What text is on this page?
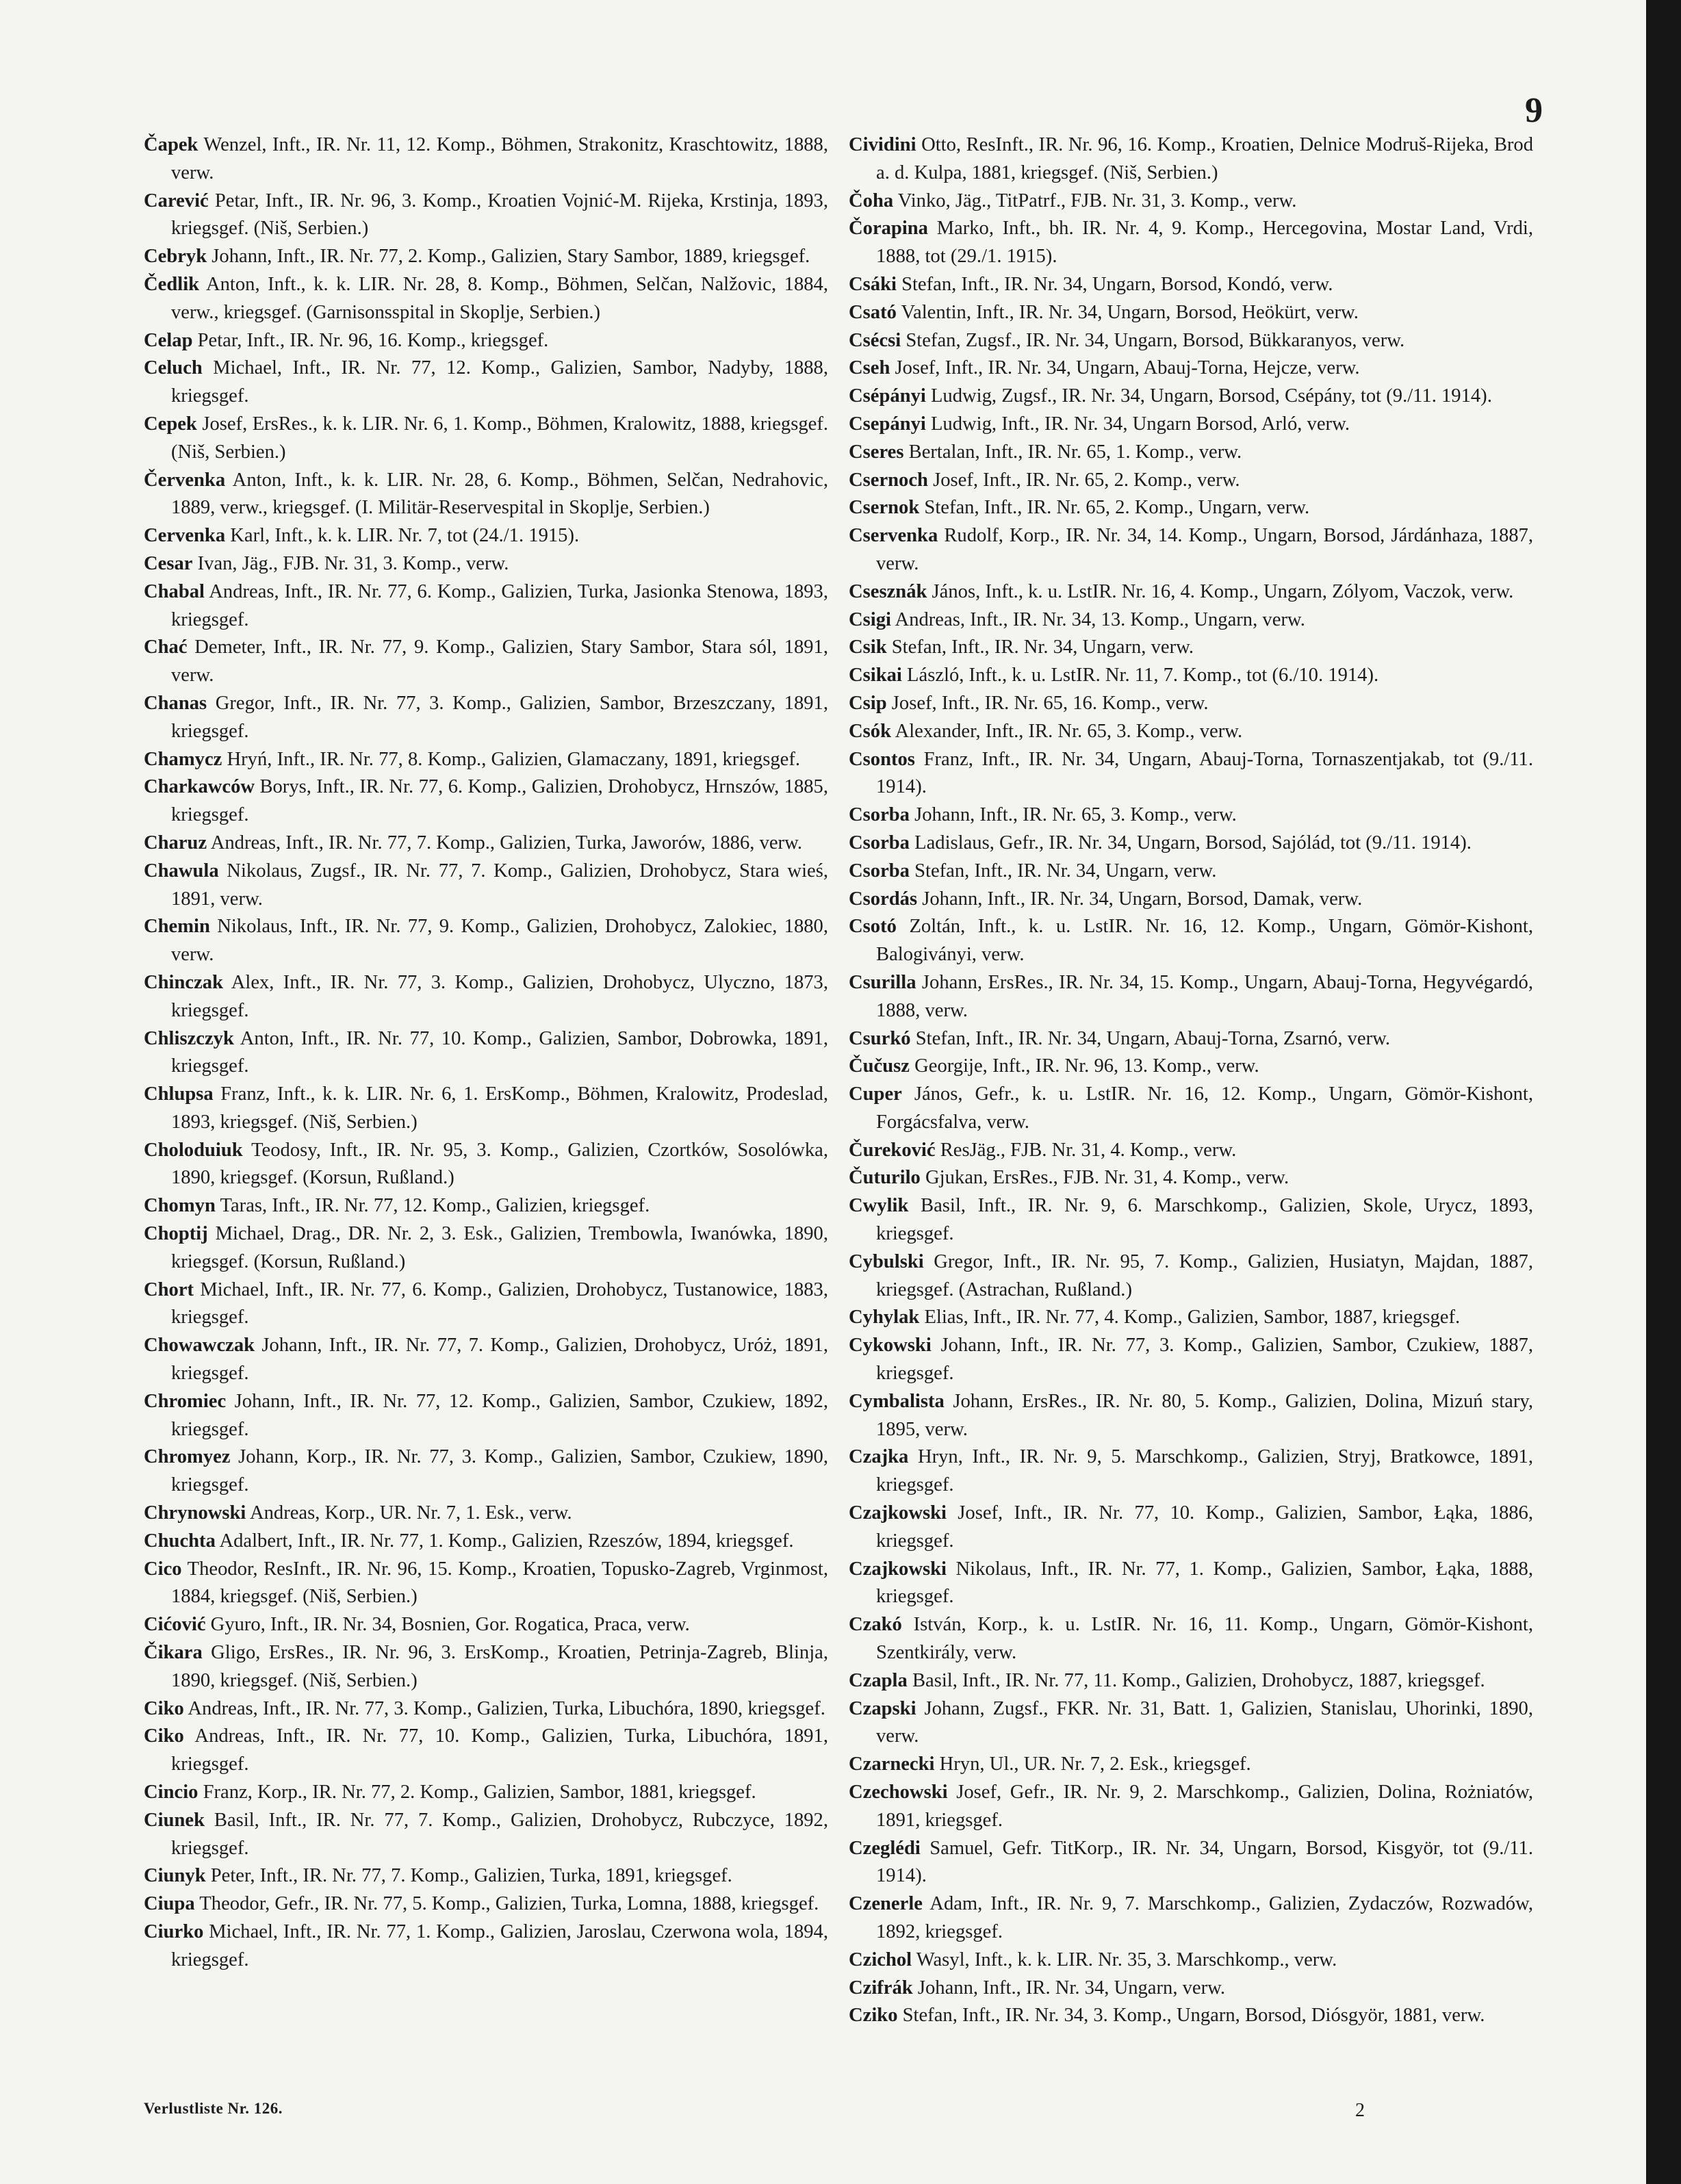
9
Čapek Wenzel, Inft., IR. Nr. 11, 12. Komp., Böhmen, Strakonitz, Kraschtowitz, 1888, verw.
Carević Petar, Inft., IR. Nr. 96, 3. Komp., Kroatien Vojnić-M. Rijeka, Krstinja, 1893, kriegsgef. (Niš, Serbien.)
Cebryk Johann, Inft., IR. Nr. 77, 2. Komp., Galizien, Stary Sambor, 1889, kriegsgef.
Čedlik Anton, Inft., k. k. LIR. Nr. 28, 8. Komp., Böhmen, Selčan, Nalžovic, 1884, verw., kriegsgef. (Garnisonsspital in Skoplje, Serbien.)
Celap Petar, Inft., IR. Nr. 96, 16. Komp., kriegsgef.
Celuch Michael, Inft., IR. Nr. 77, 12. Komp., Galizien, Sambor, Nadyby, 1888, kriegsgef.
Cepek Josef, ErsRes., k. k. LIR. Nr. 6, 1. Komp., Böhmen, Kralowitz, 1888, kriegsgef. (Niš, Serbien.)
Červenka Anton, Inft., k. k. LIR. Nr. 28, 6. Komp., Böhmen, Selčan, Nedrahovic, 1889, verw., kriegsgef. (I. Militär-Reservespital in Skoplje, Serbien.)
Cervenka Karl, Inft., k. k. LIR. Nr. 7, tot (24./1. 1915).
Cesar Ivan, Jäg., FJB. Nr. 31, 3. Komp., verw.
Chabal Andreas, Inft., IR. Nr. 77, 6. Komp., Galizien, Turka, Jasionka Stenowa, 1893, kriegsgef.
Chać Demeter, Inft., IR. Nr. 77, 9. Komp., Galizien, Stary Sambor, Stara sól, 1891, verw.
Chanas Gregor, Inft., IR. Nr. 77, 3. Komp., Galizien, Sambor, Brzeszczany, 1891, kriegsgef.
Chamycz Hryń, Inft., IR. Nr. 77, 8. Komp., Galizien, Glamaczany, 1891, kriegsgef.
Charkawców Borys, Inft., IR. Nr. 77, 6. Komp., Galizien, Drohobycz, Hrnszów, 1885, kriegsgef.
Charuz Andreas, Inft., IR. Nr. 77, 7. Komp., Galizien, Turka, Jaworów, 1886, verw.
Chawula Nikolaus, Zugsf., IR. Nr. 77, 7. Komp., Galizien, Drohobycz, Stara wieś, 1891, verw.
Chemin Nikolaus, Inft., IR. Nr. 77, 9. Komp., Galizien, Drohobycz, Zalokiec, 1880, verw.
Chinczak Alex, Inft., IR. Nr. 77, 3. Komp., Galizien, Drohobycz, Ulyczno, 1873, kriegsgef.
Chliszczyk Anton, Inft., IR. Nr. 77, 10. Komp., Galizien, Sambor, Dobrowka, 1891, kriegsgef.
Chlupsa Franz, Inft., k. k. LIR. Nr. 6, 1. ErsKomp., Böhmen, Kralowitz, Prodeslad, 1893, kriegsgef. (Niš, Serbien.)
Choloduiuk Teodosy, Inft., IR. Nr. 95, 3. Komp., Galizien, Czortków, Sosolówka, 1890, kriegsgef. (Korsun, Rußland.)
Chomyn Taras, Inft., IR. Nr. 77, 12. Komp., Galizien, kriegsgef.
Choptij Michael, Drag., DR. Nr. 2, 3. Esk., Galizien, Trembowla, Iwanówka, 1890, kriegsgef. (Korsun, Rußland.)
Chort Michael, Inft., IR. Nr. 77, 6. Komp., Galizien, Drohobycz, Tustanowice, 1883, kriegsgef.
Chowawczak Johann, Inft., IR. Nr. 77, 7. Komp., Galizien, Drohobycz, Uróż, 1891, kriegsgef.
Chromiec Johann, Inft., IR. Nr. 77, 12. Komp., Galizien, Sambor, Czukiew, 1892, kriegsgef.
Chromyez Johann, Korp., IR. Nr. 77, 3. Komp., Galizien, Sambor, Czukiew, 1890, kriegsgef.
Chrynowski Andreas, Korp., UR. Nr. 7, 1. Esk., verw.
Chuchta Adalbert, Inft., IR. Nr. 77, 1. Komp., Galizien, Rzeszów, 1894, kriegsgef.
Cico Theodor, ResInft., IR. Nr. 96, 15. Komp., Kroatien, Topusko-Zagreb, Vrginmost, 1884, kriegsgef. (Niš, Serbien.)
Cićović Gyuro, Inft., IR. Nr. 34, Bosnien, Gor. Rogatica, Praca, verw.
Čikara Gligo, ErsRes., IR. Nr. 96, 3. ErsKomp., Kroatien, Petrinja-Zagreb, Blinja, 1890, kriegsgef. (Niš, Serbien.)
Ciko Andreas, Inft., IR. Nr. 77, 3. Komp., Galizien, Turka, Libuchóra, 1890, kriegsgef.
Ciko Andreas, Inft., IR. Nr. 77, 10. Komp., Galizien, Turka, Libuchóra, 1891, kriegsgef.
Cincio Franz, Korp., IR. Nr. 77, 2. Komp., Galizien, Sambor, 1881, kriegsgef.
Ciunek Basil, Inft., IR. Nr. 77, 7. Komp., Galizien, Drohobycz, Rubczyce, 1892, kriegsgef.
Ciunyk Peter, Inft., IR. Nr. 77, 7. Komp., Galizien, Turka, 1891, kriegsgef.
Ciupa Theodor, Gefr., IR. Nr. 77, 5. Komp., Galizien, Turka, Lomna, 1888, kriegsgef.
Ciurko Michael, Inft., IR. Nr. 77, 1. Komp., Galizien, Jaroslau, Czerwona wola, 1894, kriegsgef.
Cividini Otto, ResInft., IR. Nr. 96, 16. Komp., Kroatien, Delnice Modruš-Rijeka, Brod a. d. Kulpa, 1881, kriegsgef. (Niš, Serbien.)
Čoha Vinko, Jäg., TitPatrf., FJB. Nr. 31, 3. Komp., verw.
Čorapina Marko, Inft., bh. IR. Nr. 4, 9. Komp., Hercegovina, Mostar Land, Vrdi, 1888, tot (29./1. 1915).
Csáki Stefan, Inft., IR. Nr. 34, Ungarn, Borsod, Kondó, verw.
Csató Valentin, Inft., IR. Nr. 34, Ungarn, Borsod, Heökürt, verw.
Csécsi Stefan, Zugsf., IR. Nr. 34, Ungarn, Borsod, Bükkaranyos, verw.
Cseh Josef, Inft., IR. Nr. 34, Ungarn, Abauj-Torna, Hejcze, verw.
Csépányi Ludwig, Zugsf., IR. Nr. 34, Ungarn, Borsod, Csépány, tot (9./11. 1914).
Csepányi Ludwig, Inft., IR. Nr. 34, Ungarn Borsod, Arló, verw.
Cseres Bertalan, Inft., IR. Nr. 65, 1. Komp., verw.
Csernoch Josef, Inft., IR. Nr. 65, 2. Komp., verw.
Csernok Stefan, Inft., IR. Nr. 65, 2. Komp., Ungarn, verw.
Cservenka Rudolf, Korp., IR. Nr. 34, 14. Komp., Ungarn, Borsod, Járdánhaza, 1887, verw.
Csesznák János, Inft., k. u. LstIR. Nr. 16, 4. Komp., Ungarn, Zólyom, Vaczok, verw.
Csigi Andreas, Inft., IR. Nr. 34, 13. Komp., Ungarn, verw.
Csik Stefan, Inft., IR. Nr. 34, Ungarn, verw.
Csikai László, Inft., k. u. LstIR. Nr. 11, 7. Komp., tot (6./10. 1914).
Csip Josef, Inft., IR. Nr. 65, 16. Komp., verw.
Csók Alexander, Inft., IR. Nr. 65, 3. Komp., verw.
Csontos Franz, Inft., IR. Nr. 34, Ungarn, Abauj-Torna, Tornaszentjakab, tot (9./11. 1914).
Csorba Johann, Inft., IR. Nr. 65, 3. Komp., verw.
Csorba Ladislaus, Gefr., IR. Nr. 34, Ungarn, Borsod, Sajólád, tot (9./11. 1914).
Csorba Stefan, Inft., IR. Nr. 34, Ungarn, verw.
Csordás Johann, Inft., IR. Nr. 34, Ungarn, Borsod, Damak, verw.
Csotó Zoltán, Inft., k. u. LstIR. Nr. 16, 12. Komp., Ungarn, Gömör-Kishont, Balogiványi, verw.
Csurilla Johann, ErsRes., IR. Nr. 34, 15. Komp., Ungarn, Abauj-Torna, Hegyvégardó, 1888, verw.
Csurkó Stefan, Inft., IR. Nr. 34, Ungarn, Abauj-Torna, Zsarnó, verw.
Čučusz Georgije, Inft., IR. Nr. 96, 13. Komp., verw.
Cuper János, Gefr., k. u. LstIR. Nr. 16, 12. Komp., Ungarn, Gömör-Kishont, Forgácsfalva, verw.
Čureković ResJäg., FJB. Nr. 31, 4. Komp., verw.
Čuturilo Gjukan, ErsRes., FJB. Nr. 31, 4. Komp., verw.
Cwylik Basil, Inft., IR. Nr. 9, 6. Marschkomp., Galizien, Skole, Urycz, 1893, kriegsgef.
Cybulski Gregor, Inft., IR. Nr. 95, 7. Komp., Galizien, Husiatyn, Majdan, 1887, kriegsgef. (Astrachan, Rußland.)
Cyhylak Elias, Inft., IR. Nr. 77, 4. Komp., Galizien, Sambor, 1887, kriegsgef.
Cykowski Johann, Inft., IR. Nr. 77, 3. Komp., Galizien, Sambor, Czukiew, 1887, kriegsgef.
Cymbalista Johann, ErsRes., IR. Nr. 80, 5. Komp., Galizien, Dolina, Mizuń stary, 1895, verw.
Czajka Hryn, Inft., IR. Nr. 9, 5. Marschkomp., Galizien, Stryj, Bratkowce, 1891, kriegsgef.
Czajkowski Josef, Inft., IR. Nr. 77, 10. Komp., Galizien, Sambor, Łąka, 1886, kriegsgef.
Czajkowski Nikolaus, Inft., IR. Nr. 77, 1. Komp., Galizien, Sambor, Łąka, 1888, kriegsgef.
Czakó István, Korp., k. u. LstIR. Nr. 16, 11. Komp., Ungarn, Gömör-Kishont, Szentkirály, verw.
Czapla Basil, Inft., IR. Nr. 77, 11. Komp., Galizien, Drohobycz, 1887, kriegsgef.
Czapski Johann, Zugsf., FKR. Nr. 31, Batt. 1, Galizien, Stanislau, Uhorinki, 1890, verw.
Czarnecki Hryn, Ul., UR. Nr. 7, 2. Esk., kriegsgef.
Czechowski Josef, Gefr., IR. Nr. 9, 2. Marschkomp., Galizien, Dolina, Rożniatów, 1891, kriegsgef.
Czeglédi Samuel, Gefr. TitKorp., IR. Nr. 34, Ungarn, Borsod, Kisgyör, tot (9./11. 1914).
Czenerle Adam, Inft., IR. Nr. 9, 7. Marschkomp., Galizien, Zydaczów, Rozwadów, 1892, kriegsgef.
Czichol Wasyl, Inft., k. k. LIR. Nr. 35, 3. Marschkomp., verw.
Czifrák Johann, Inft., IR. Nr. 34, Ungarn, verw.
Cziko Stefan, Inft., IR. Nr. 34, 3. Komp., Ungarn, Borsod, Diósgyör, 1881, verw.
Verlustliste Nr. 126.	2
